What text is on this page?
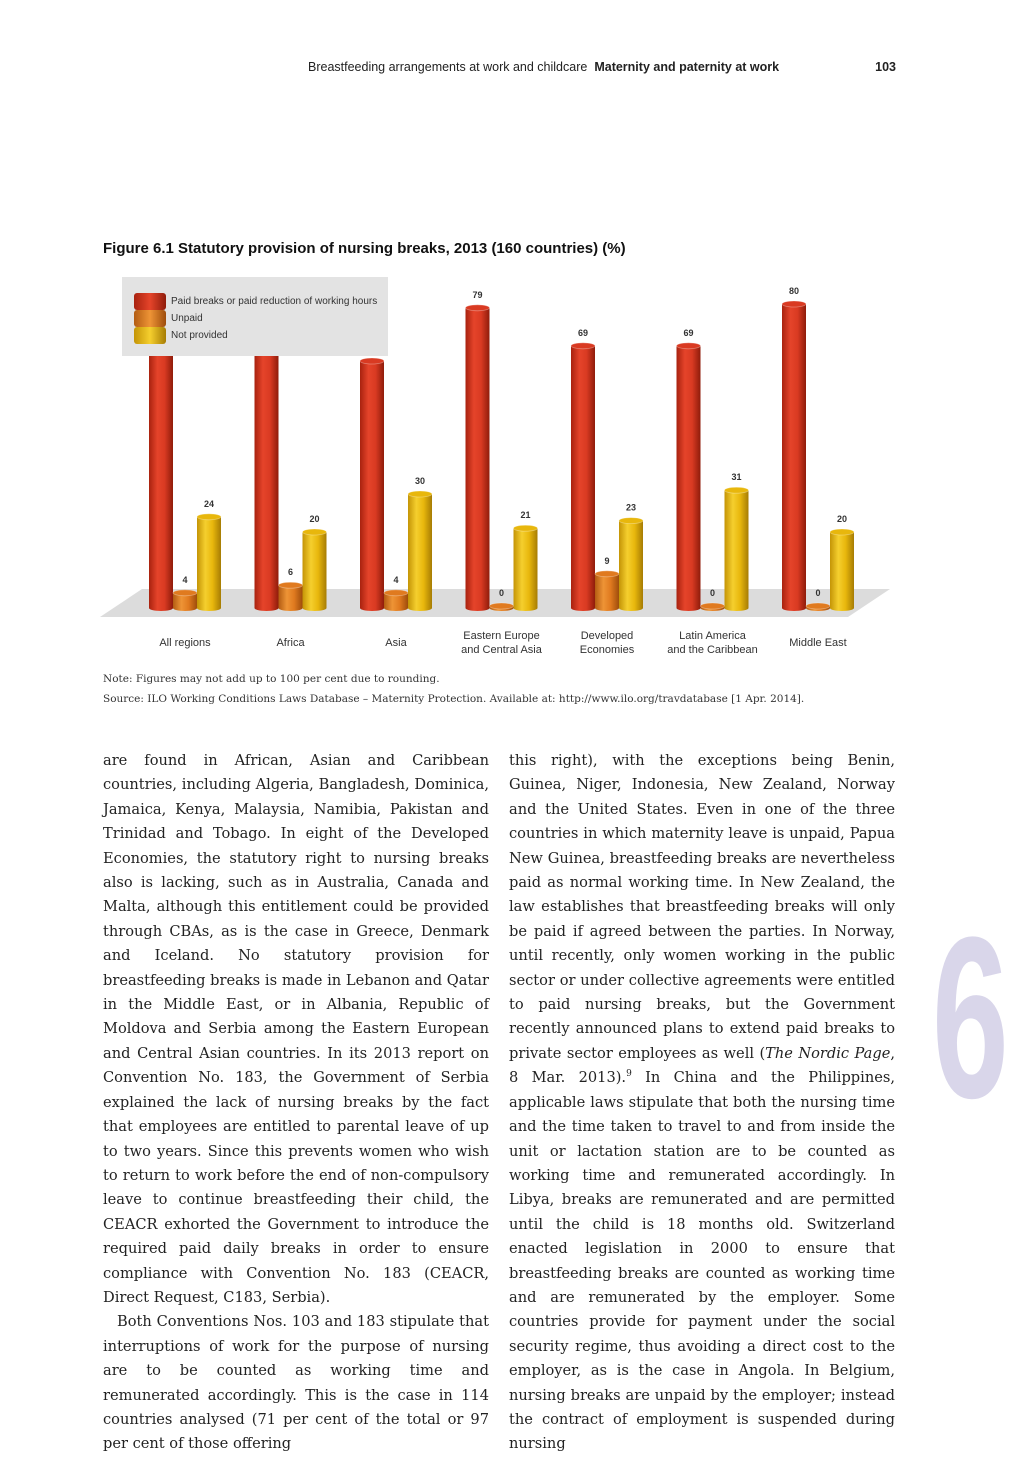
Breastfeeding arrangements at work and childcare Maternity and paternity at work	103
Figure 6.1 Statutory provision of nursing breaks, 2013 (160 countries) (%)
4
24
6
20
4
30
79
0
21
69
9
23
69
0
31
80
0
20
All regions	Africa	Asia
Eastern Europe and Central Asia
Developed Economies
Latin America and the Caribbean
Middle East
Paid breaks or paid reduction of working hours
Unpaid
Not provided

Note: Figures may not add up to 100 per cent due to rounding.

Source: ILO Working Conditions Laws Database – Maternity Protection. Available at: http://www.ilo.org/travdatabase [1 Apr. 2014].

are found in African, Asian and Caribbean countries, including Algeria, Bangladesh, Dominica, Jamaica, Kenya, Malaysia, Namibia, Pakistan and Trinidad and Tobago. In eight of the Developed Economies, the statutory right to nursing breaks also is lacking, such as in Australia, Canada and Malta, although this entitlement could be provided through CBAs, as is the case in Greece, Denmark and Iceland. No statutory provision for breastfeeding breaks is made in Lebanon and Qatar in the Middle East, or in Albania, Republic of Moldova and Serbia among the Eastern European and Central Asian countries. In its 2013 report on Convention No. 183, the Government of Serbia explained the lack of nursing breaks by the fact that employees are entitled to parental leave of up to two years. Since this prevents women who wish to return to work before the end of non-compulsory leave to continue breastfeeding their child, the CEACR exhorted the Government to introduce the required paid daily breaks in order to ensure compliance with Convention No. 183 (CEACR, Direct Request, C183, Serbia).

Both Conventions Nos. 103 and 183 stipulate that interruptions of work for the purpose of nursing are to be counted as working time and remunerated accordingly. This is the case in 114 countries analysed (71 per cent of the total or 97 per cent of those offering

this right), with the exceptions being Benin, Guinea, Niger, Indonesia, New Zealand, Norway and the United States. Even in one of the three countries in which maternity leave is unpaid, Papua New Guinea, breastfeeding breaks are nevertheless paid as normal working time. In New Zealand, the law establishes that breastfeeding breaks will only be paid if agreed between the parties. In Norway, until recently, only women working in the public sector or under collective agreements were entitled to paid nursing breaks, but the Government recently announced plans to extend paid breaks to private sector employees as well (The Nordic Page, 8 Mar. 2013).$^9$ In China and the Philippines, applicable laws stipulate that both the nursing time and the time taken to travel to and from inside the unit or lactation station are to be counted as working time and remunerated accordingly. In Libya, breaks are remunerated and are permitted until the child is 18 months old. Switzerland enacted legislation in 2000 to ensure that breastfeeding breaks are counted as working time and are remunerated by the employer. Some countries provide for payment under the social security regime, thus avoiding a direct cost to the employer, as is the case in Angola. In Belgium, nursing breaks are unpaid by the employer; instead the contract of employment is suspended during nursing

6
